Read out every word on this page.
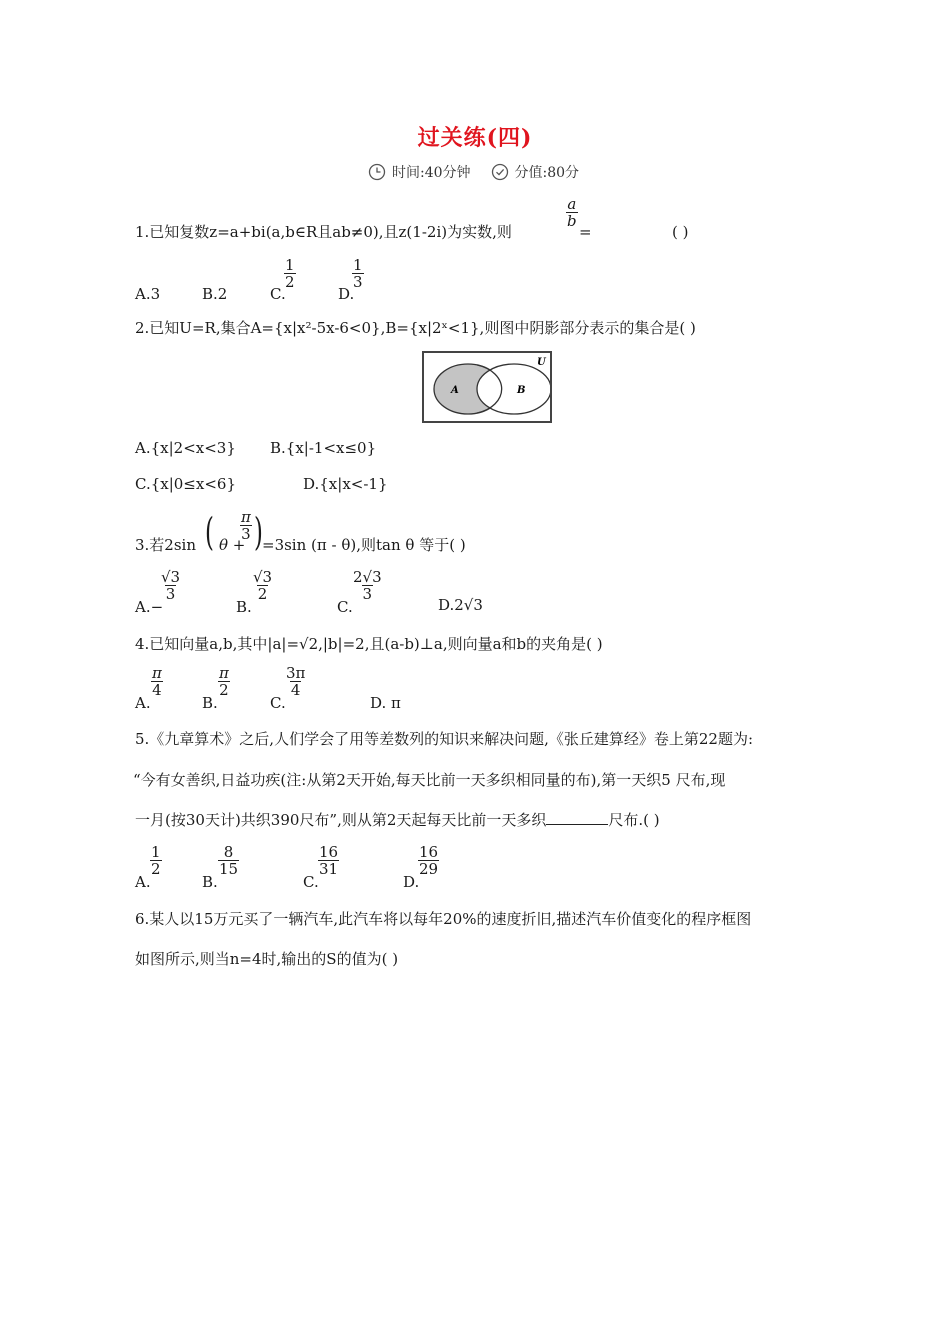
过关练(四)
时间:40分钟	分值:80分
1.已知复数z=a+bi(a,b∈R且ab≠0),且z(1-2i)为实数,则
$\frac{a}{b}$
=	( )
A.3	B.2	C.
$\frac{1}{2}$
D.
$\frac{1}{3}$
2.已知U=R,集合A={x|x²-5x-6<0},B={x|2ˣ<1},则图中阴影部分表示的集合是( )
U
A	B
A.{x|2<x<3} B.{x|-1<x≤0}
C.{x|0≤x<6}	D.{x|x<-1}
3.若2sin ( θ +
$\frac{\pi}{3}$ ) =3sin (π - θ),则tan θ 等于( )
A.−
$\frac{√3}{3}$
B.
$\frac{√3}{2}$
C.
$\frac{2√3}{3}$
D.2√3
4.已知向量a,b,其中|a|=√2,|b|=2,且(a-b)⊥a,则向量a和b的夹角是( )
A.
$\frac{\pi}{4}$
B.
$\frac{\pi}{2}$
C.
$\frac{3\pi}{4}$
D. π
5.《九章算术》之后,人们学会了用等差数列的知识来解决问题,《张丘建算经》卷上第22题为:
“今有女善织,日益功疾(注:从第2天开始,每天比前一天多织相同量的布),第一天织5 尺布,现
一月(按30天计)共织390尺布”,则从第2天起每天比前一天多织	尺布.( )
A.
$\frac{1}{2}$
B.
$\frac{8}{15}$
C.
$\frac{16}{31}$
D.
$\frac{16}{29}$
6.某人以15万元买了一辆汽车,此汽车将以每年20%的速度折旧,描述汽车价值变化的程序框图
如图所示,则当n=4时,输出的S的值为( )
